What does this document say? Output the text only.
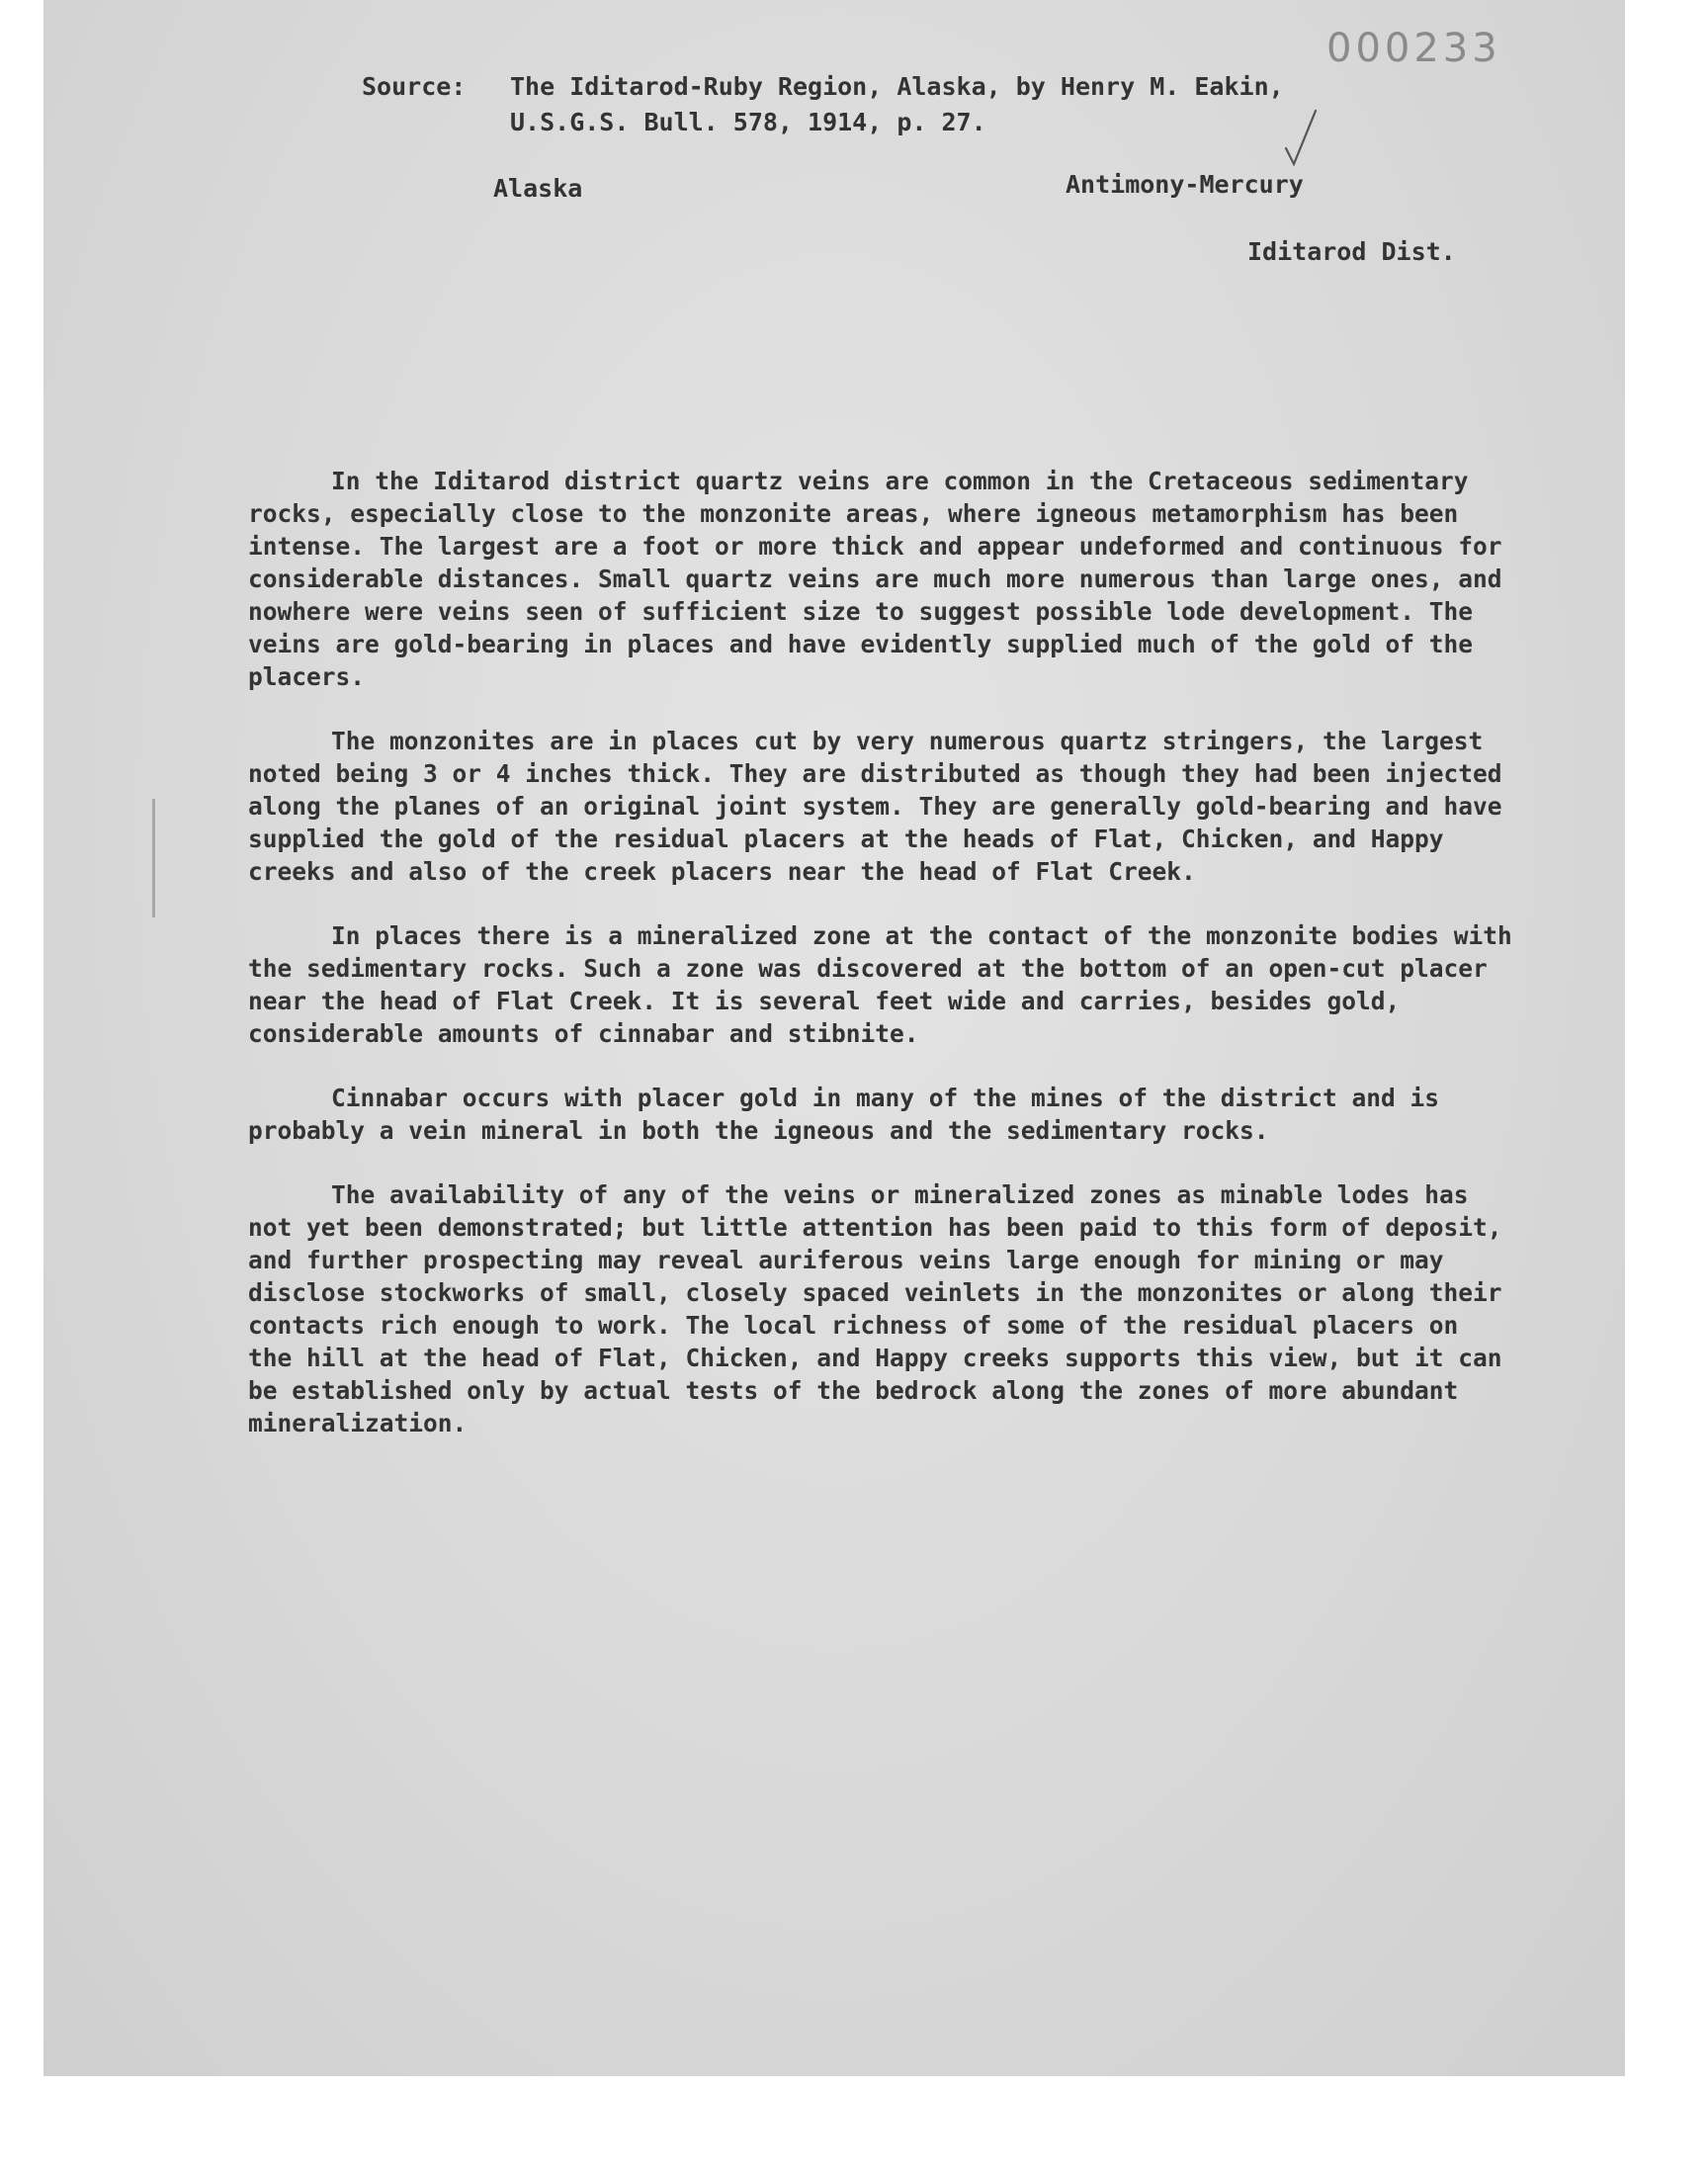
000233
Source: The Iditarod-Ruby Region, Alaska, by Henry M. Eakin,
U.S.G.S. Bull. 578, 1914, p. 27.
Alaska	Antimony-Mercury
Iditarod Dist.

In the Iditarod district quartz veins are common in the Cretaceous sedimentary rocks, especially close to the monzonite areas, where igneous metamorphism has been intense. The largest are a foot or more thick and appear undeformed and continuous for considerable distances. Small quartz veins are much more numerous than large ones, and nowhere were veins seen of sufficient size to suggest possible lode development. The veins are gold-bearing in places and have evidently supplied much of the gold of the placers.

The monzonites are in places cut by very numerous quartz stringers, the largest noted being 3 or 4 inches thick. They are distributed as though they had been injected along the planes of an original joint system. They are generally gold-bearing and have supplied the gold of the residual placers at the heads of Flat, Chicken, and Happy creeks and also of the creek placers near the head of Flat Creek.

In places there is a mineralized zone at the contact of the monzonite bodies with the sedimentary rocks. Such a zone was discovered at the bottom of an open-cut placer near the head of Flat Creek. It is several feet wide and carries, besides gold, considerable amounts of cinnabar and stibnite.

Cinnabar occurs with placer gold in many of the mines of the district and is probably a vein mineral in both the igneous and the sedimentary rocks.

The availability of any of the veins or mineralized zones as minable lodes has not yet been demonstrated; but little attention has been paid to this form of deposit, and further prospecting may reveal auriferous veins large enough for mining or may disclose stockworks of small, closely spaced veinlets in the monzonites or along their contacts rich enough to work. The local richness of some of the residual placers on the hill at the head of Flat, Chicken, and Happy creeks supports this view, but it can be established only by actual tests of the bedrock along the zones of more abundant mineralization.
